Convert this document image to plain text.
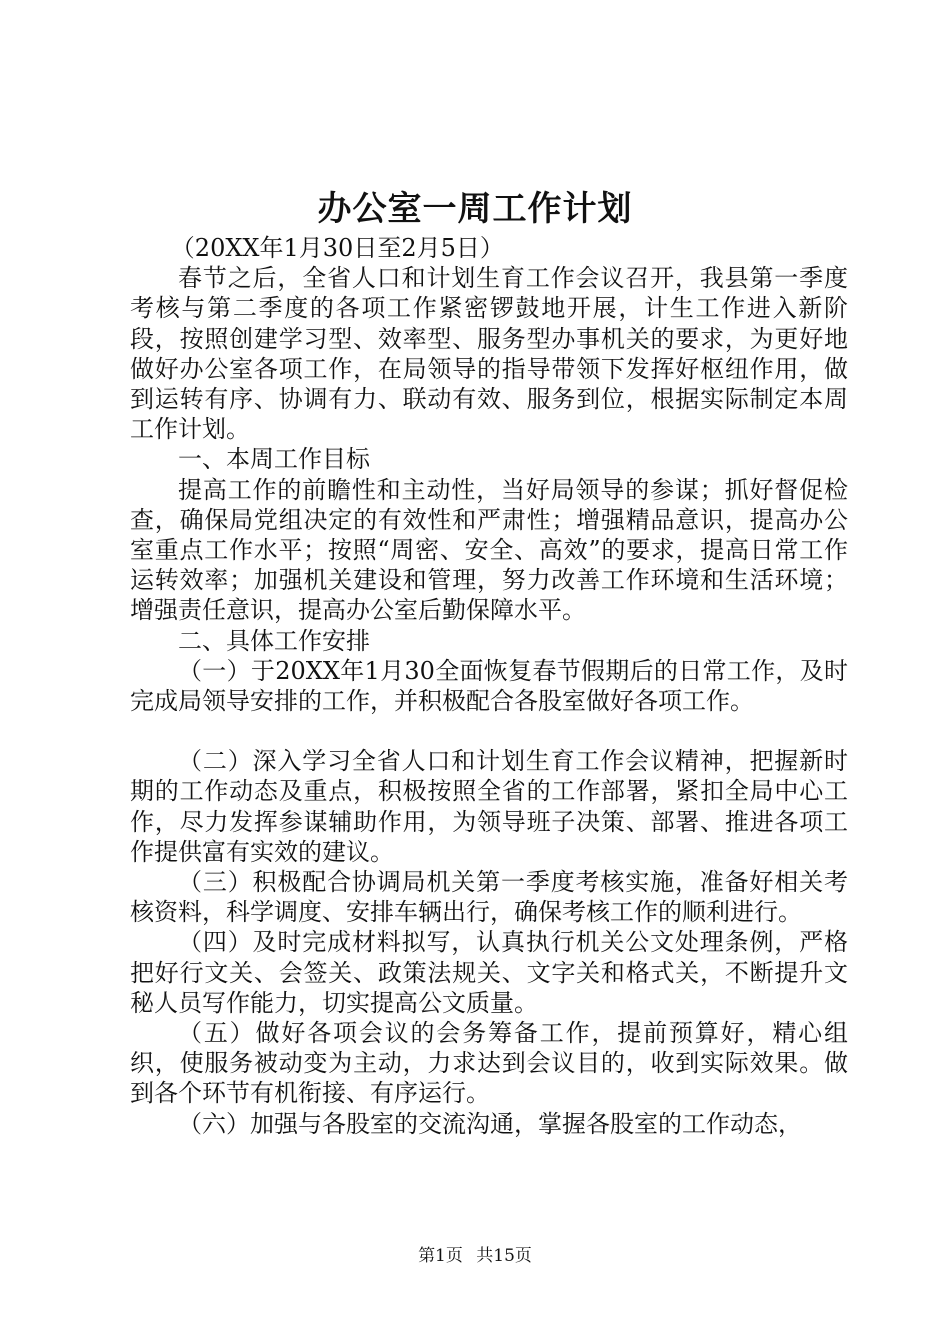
办公室一周工作计划

（20XX年1月30日至2月5日）

春节之后，全省人口和计划生育工作会议召开，我县第一季度考核与第二季度的各项工作紧密锣鼓地开展，计生工作进入新阶段，按照创建学习型、效率型、服务型办事机关的要求，为更好地做好办公室各项工作，在局领导的指导带领下发挥好枢纽作用，做到运转有序、协调有力、联动有效、服务到位，根据实际制定本周工作计划。

一、本周工作目标

提高工作的前瞻性和主动性，当好局领导的参谋；抓好督促检查，确保局党组决定的有效性和严肃性；增强精品意识，提高办公室重点工作水平；按照“周密、安全、高效”的要求，提高日常工作运转效率；加强机关建设和管理，努力改善工作环境和生活环境；增强责任意识，提高办公室后勤保障水平。

二、具体工作安排

（一）于20XX年1月30全面恢复春节假期后的日常工作，及时完成局领导安排的工作，并积极配合各股室做好各项工作。

（二）深入学习全省人口和计划生育工作会议精神，把握新时期的工作动态及重点，积极按照全省的工作部署，紧扣全局中心工作，尽力发挥参谋辅助作用，为领导班子决策、部署、推进各项工作提供富有实效的建议。

（三）积极配合协调局机关第一季度考核实施，准备好相关考核资料，科学调度、安排车辆出行，确保考核工作的顺利进行。

（四）及时完成材料拟写，认真执行机关公文处理条例，严格把好行文关、会签关、政策法规关、文字关和格式关，不断提升文秘人员写作能力，切实提高公文质量。

（五）做好各项会议的会务筹备工作，提前预算好，精心组织，使服务被动变为主动，力求达到会议目的，收到实际效果。做到各个环节有机衔接、有序运行。

（六）加强与各股室的交流沟通，掌握各股室的工作动态，

第1页 共15页
